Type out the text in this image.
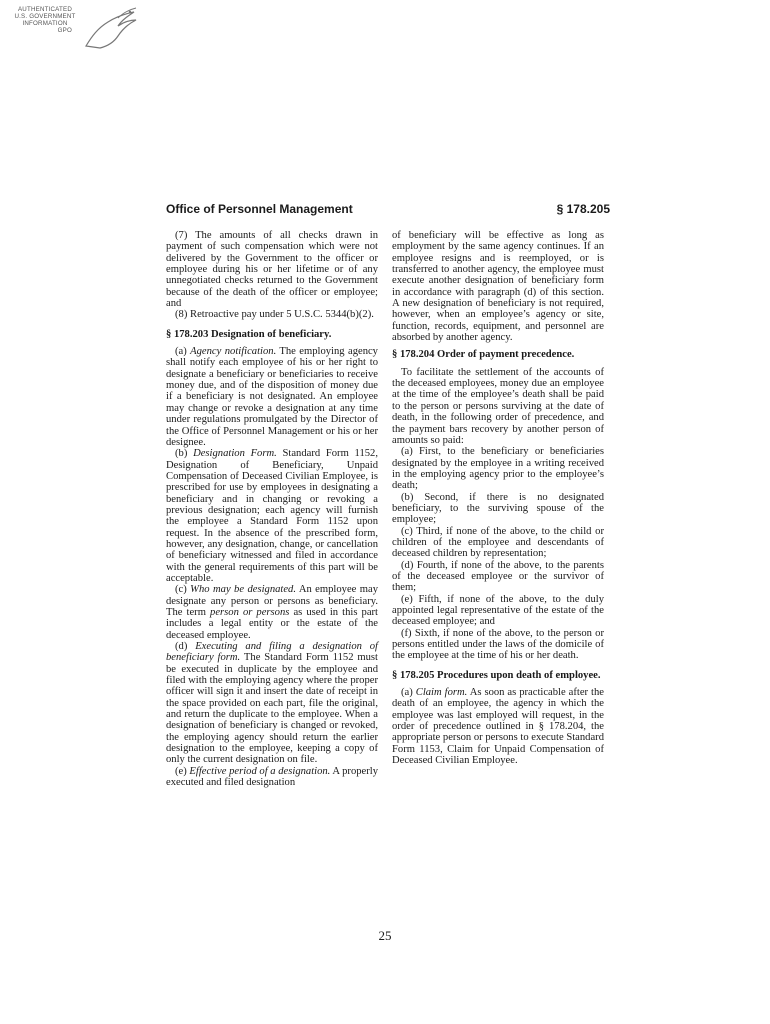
AUTHENTICATED
U.S. GOVERNMENT
INFORMATION
GPO
Office of Personnel Management	§ 178.205

(7) The amounts of all checks drawn in payment of such compensation which were not delivered by the Government to the officer or employee during his or her lifetime or of any unnegotiated checks returned to the Government because of the death of the officer or employee; and

(8) Retroactive pay under 5 U.S.C. 5344(b)(2).

§ 178.203 Designation of beneficiary.

(a) Agency notification. The employing agency shall notify each employee of his or her right to designate a beneficiary or beneficiaries to receive money due, and of the disposition of money due if a beneficiary is not designated. An employee may change or revoke a designation at any time under regulations promulgated by the Director of the Office of Personnel Management or his or her designee.

(b) Designation Form. Standard Form 1152, Designation of Beneficiary, Unpaid Compensation of Deceased Civilian Employee, is prescribed for use by employees in designating a beneficiary and in changing or revoking a previous designation; each agency will furnish the employee a Standard Form 1152 upon request. In the absence of the prescribed form, however, any designation, change, or cancellation of beneficiary witnessed and filed in accordance with the general requirements of this part will be acceptable.

(c) Who may be designated. An employee may designate any person or persons as beneficiary. The term person or persons as used in this part includes a legal entity or the estate of the deceased employee.

(d) Executing and filing a designation of beneficiary form. The Standard Form 1152 must be executed in duplicate by the employee and filed with the employing agency where the proper officer will sign it and insert the date of receipt in the space provided on each part, file the original, and return the duplicate to the employee. When a designation of beneficiary is changed or revoked, the employing agency should return the earlier designation to the employee, keeping a copy of only the current designation on file.

(e) Effective period of a designation. A properly executed and filed designation

of beneficiary will be effective as long as employment by the same agency continues. If an employee resigns and is reemployed, or is transferred to another agency, the employee must execute another designation of beneficiary form in accordance with paragraph (d) of this section. A new designation of beneficiary is not required, however, when an employee’s agency or site, function, records, equipment, and personnel are absorbed by another agency.

§ 178.204 Order of payment precedence.

To facilitate the settlement of the accounts of the deceased employees, money due an employee at the time of the employee’s death shall be paid to the person or persons surviving at the date of death, in the following order of precedence, and the payment bars recovery by another person of amounts so paid:

(a) First, to the beneficiary or beneficiaries designated by the employee in a writing received in the employing agency prior to the employee’s death;

(b) Second, if there is no designated beneficiary, to the surviving spouse of the employee;

(c) Third, if none of the above, to the child or children of the employee and descendants of deceased children by representation;

(d) Fourth, if none of the above, to the parents of the deceased employee or the survivor of them;

(e) Fifth, if none of the above, to the duly appointed legal representative of the estate of the deceased employee; and

(f) Sixth, if none of the above, to the person or persons entitled under the laws of the domicile of the employee at the time of his or her death.

§ 178.205 Procedures upon death of employee.

(a) Claim form. As soon as practicable after the death of an employee, the agency in which the employee was last employed will request, in the order of precedence outlined in § 178.204, the appropriate person or persons to execute Standard Form 1153, Claim for Unpaid Compensation of Deceased Civilian Employee.

25
